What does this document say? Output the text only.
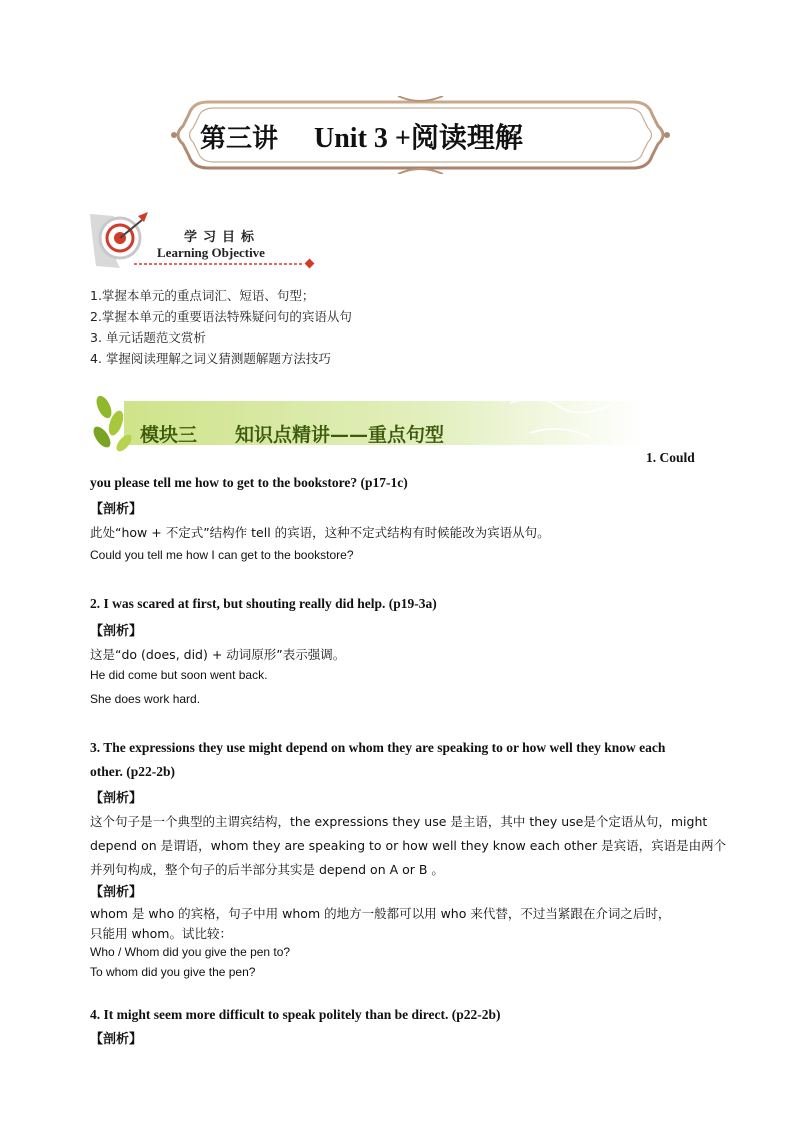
第三讲 Unit 3 +阅读理解
学习目标
Learning Objective
1.掌握本单元的重点词汇、短语、句型；
2.掌握本单元的重要语法特殊疑问句的宾语从句
3. 单元话题范文赏析
4. 掌握阅读理解之词义猜测题解题方法技巧
模块三 知识点精讲——重点句型
1. Could
you please tell me how to get to the bookstore? (p17-1c)
【剖析】
此处“how + 不定式”结构作 tell 的宾语，这种不定式结构有时候能改为宾语从句。
Could you tell me how I can get to the bookstore?
2. I was scared at first, but shouting really did help. (p19-3a)
【剖析】
这是“do (does, did) + 动词原形”表示强调。
He did come but soon went back.
She does work hard.
3. The expressions they use might depend on whom they are speaking to or how well they know each
other. (p22-2b)
【剖析】
这个句子是一个典型的主谓宾结构，the expressions they use 是主语，其中 they use是个定语从句，might
depend on 是谓语，whom they are speaking to or how well they know each other 是宾语，宾语是由两个
并列句构成，整个句子的后半部分其实是 depend on A or B 。
【剖析】
whom 是 who 的宾格，句子中用 whom 的地方一般都可以用 who 来代替，不过当紧跟在介词之后时，
只能用 whom。试比较：
Who / Whom did you give the pen to?
To whom did you give the pen?
4. It might seem more difficult to speak politely than be direct. (p22-2b)
【剖析】
